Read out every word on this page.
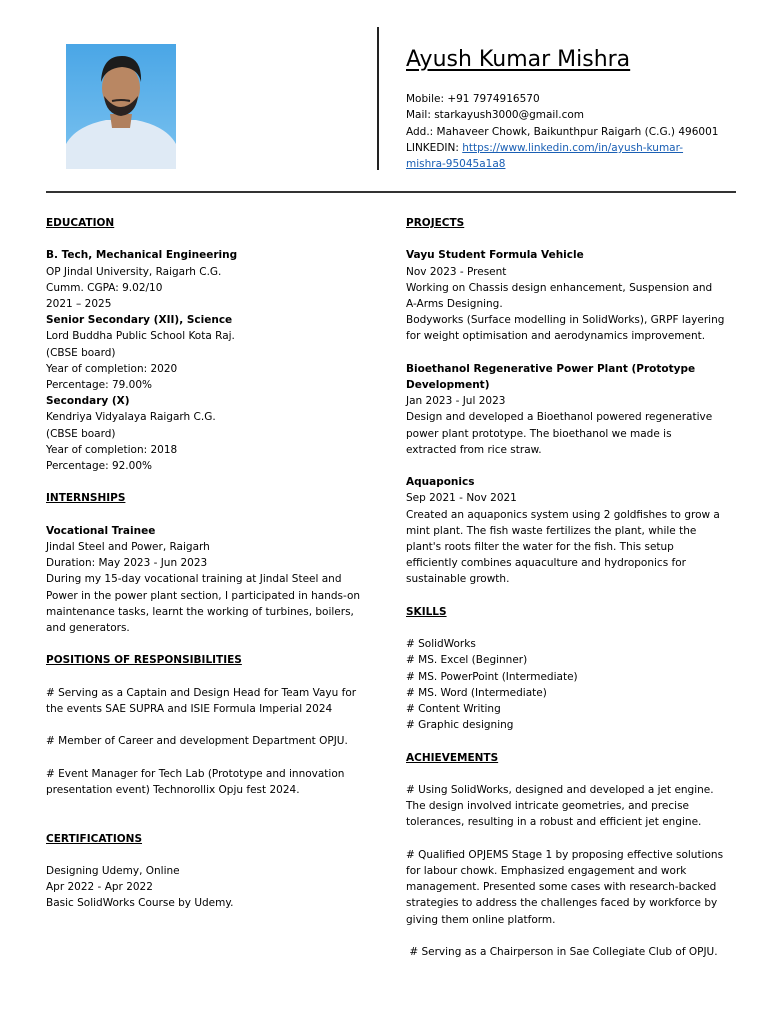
Ayush Kumar Mishra
Mobile: +91 7974916570
Mail: starkayush3000@gmail.com
Add.: Mahaveer Chowk, Baikunthpur Raigarh (C.G.) 496001
LINKEDIN: https://www.linkedin.com/in/ayush-kumar-
mishra-95045a1a8
EDUCATION
B. Tech, Mechanical Engineering
OP Jindal University, Raigarh C.G.
Cumm. CGPA: 9.02/10
2021 – 2025
Senior Secondary (XII), Science
Lord Buddha Public School Kota Raj.
(CBSE board)
Year of completion: 2020
Percentage: 79.00%
Secondary (X)
Kendriya Vidyalaya Raigarh C.G.
(CBSE board)
Year of completion: 2018
Percentage: 92.00%
INTERNSHIPS
Vocational Trainee
Jindal Steel and Power, Raigarh
Duration: May 2023 - Jun 2023
During my 15-day vocational training at Jindal Steel and
Power in the power plant section, I participated in hands-on
maintenance tasks, learnt the working of turbines, boilers,
and generators.
POSITIONS OF RESPONSIBILITIES
# Serving as a Captain and Design Head for Team Vayu for
the events SAE SUPRA and ISIE Formula Imperial 2024
# Member of Career and development Department OPJU.
# Event Manager for Tech Lab (Prototype and innovation
presentation event) Technorollix Opju fest 2024.
CERTIFICATIONS
Designing Udemy, Online
Apr 2022 - Apr 2022
Basic SolidWorks Course by Udemy.
PROJECTS
Vayu Student Formula Vehicle
Nov 2023 - Present
Working on Chassis design enhancement, Suspension and
A-Arms Designing.
Bodyworks (Surface modelling in SolidWorks), GRPF layering
for weight optimisation and aerodynamics improvement.
Bioethanol Regenerative Power Plant (Prototype
Development)
Jan 2023 - Jul 2023
Design and developed a Bioethanol powered regenerative
power plant prototype. The bioethanol we made is
extracted from rice straw.
Aquaponics
Sep 2021 - Nov 2021
Created an aquaponics system using 2 goldfishes to grow a
mint plant. The fish waste fertilizes the plant, while the
plant's roots filter the water for the fish. This setup
efficiently combines aquaculture and hydroponics for
sustainable growth.
SKILLS
# SolidWorks
# MS. Excel (Beginner)
# MS. PowerPoint (Intermediate)
# MS. Word (Intermediate)
# Content Writing
# Graphic designing
ACHIEVEMENTS
# Using SolidWorks, designed and developed a jet engine.
The design involved intricate geometries, and precise
tolerances, resulting in a robust and efficient jet engine.
# Qualified OPJEMS Stage 1 by proposing effective solutions
for labour chowk. Emphasized engagement and work
management. Presented some cases with research-backed
strategies to address the challenges faced by workforce by
giving them online platform.
# Serving as a Chairperson in Sae Collegiate Club of OPJU.
